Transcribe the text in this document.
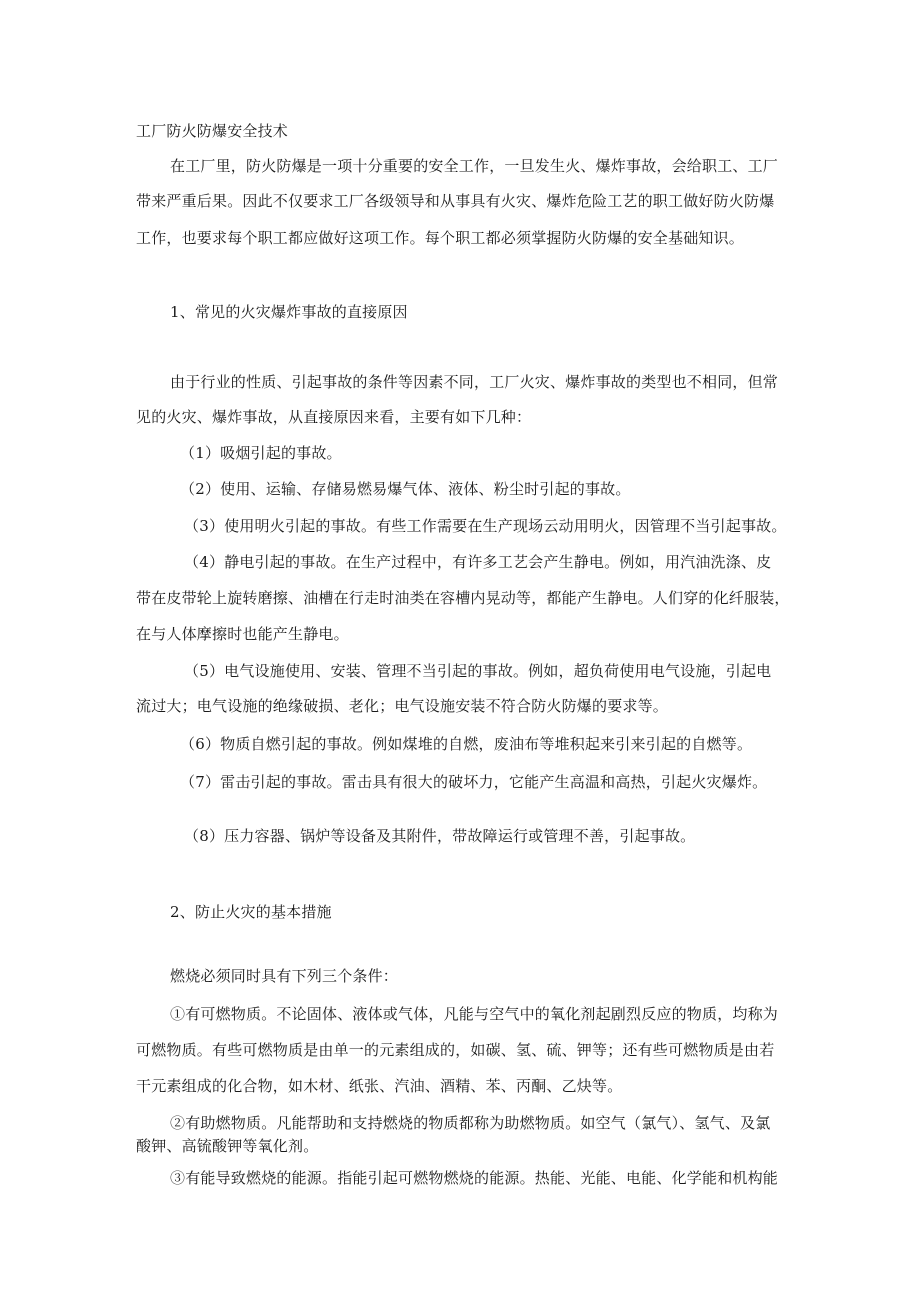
工厂防火防爆安全技术
在工厂里，防火防爆是一项十分重要的安全工作，一旦发生火、爆炸事故，会给职工、工厂
带来严重后果。因此不仅要求工厂各级领导和从事具有火灾、爆炸危险工艺的职工做好防火防爆
工作，也要求每个职工都应做好这项工作。每个职工都必须掌握防火防爆的安全基础知识。
1、常见的火灾爆炸事故的直接原因
由于行业的性质、引起事故的条件等因素不同，工厂火灾、爆炸事故的类型也不相同，但常
见的火灾、爆炸事故，从直接原因来看，主要有如下几种：
（1）吸烟引起的事故。
（2）使用、运输、存储易燃易爆气体、液体、粉尘时引起的事故。
（3）使用明火引起的事故。有些工作需要在生产现场云动用明火，因管理不当引起事故。
（4）静电引起的事故。在生产过程中，有许多工艺会产生静电。例如，用汽油洗涤、皮
带在皮带轮上旋转磨擦、油槽在行走时油类在容槽内晃动等，都能产生静电。人们穿的化纤服装，
在与人体摩擦时也能产生静电。
（5）电气设施使用、安装、管理不当引起的事故。例如，超负荷使用电气设施，引起电
流过大；电气设施的绝缘破损、老化；电气设施安装不符合防火防爆的要求等。
（6）物质自燃引起的事故。例如煤堆的自燃，废油布等堆积起来引来引起的自燃等。
（7）雷击引起的事故。雷击具有很大的破坏力，它能产生高温和高热，引起火灾爆炸。
（8）压力容器、锅炉等设备及其附件，带故障运行或管理不善，引起事故。
2、防止火灾的基本措施
燃烧必须同时具有下列三个条件：
①有可燃物质。不论固体、液体或气体，凡能与空气中的氧化剂起剧烈反应的物质，均称为
可燃物质。有些可燃物质是由单一的元素组成的，如碳、氢、硫、钾等；还有些可燃物质是由若
干元素组成的化合物，如木材、纸张、汽油、酒精、苯、丙酮、乙炔等。
②有助燃物质。凡能帮助和支持燃烧的物质都称为助燃物质。如空气（氯气）、氢气、及氯
酸钾、高锍酸钾等氧化剂。
③有能导致燃烧的能源。指能引起可燃物燃烧的能源。热能、光能、电能、化学能和机构能
